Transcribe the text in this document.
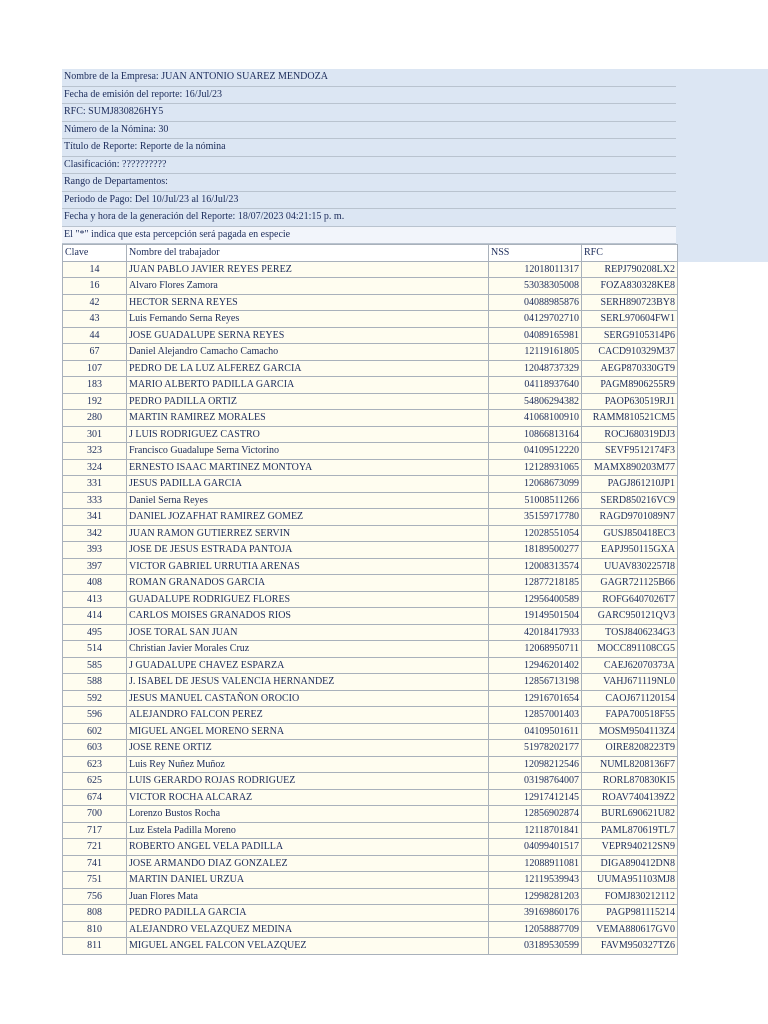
Nombre de la Empresa: JUAN ANTONIO SUAREZ MENDOZA
Fecha de emisión del reporte: 16/Jul/23
RFC: SUMJ830826HY5
Número de la Nómina: 30
Título de Reporte: Reporte de la nómina
Clasificación: ??????????
Rango de Departamentos:
Periodo de Pago: Del 10/Jul/23 al 16/Jul/23
Fecha y hora de la generación del Reporte: 18/07/2023 04:21:15 p. m.
El "*" indica que esta percepción será pagada en especie
Clave	Nombre del trabajador	NSS	RFC
14	JUAN PABLO JAVIER REYES PEREZ	12018011317	REPJ790208LX2
16	Alvaro Flores Zamora	53038305008	FOZA830328KE8
42	HECTOR SERNA REYES	04088985876	SERH890723BY8
43	Luis Fernando Serna Reyes	04129702710	SERL970604FW1
44	JOSE GUADALUPE SERNA REYES	04089165981	SERG9105314P6
67	Daniel Alejandro Camacho Camacho	12119161805	CACD910329M37
107	PEDRO DE LA LUZ ALFEREZ GARCIA	12048737329	AEGP870330GT9
183	MARIO ALBERTO PADILLA GARCIA	04118937640	PAGM8906255R9
192	PEDRO PADILLA ORTIZ	54806294382	PAOP630519RJ1
280	MARTIN RAMIREZ MORALES	41068100910	RAMM810521CM5
301	J LUIS RODRIGUEZ CASTRO	10866813164	ROCJ680319DJ3
323	Francisco Guadalupe Serna Victorino	04109512220	SEVF9512174F3
324	ERNESTO ISAAC MARTINEZ MONTOYA	12128931065	MAMX890203M77
331	JESUS PADILLA GARCIA	12068673099	PAGJ861210JP1
333	Daniel Serna Reyes	51008511266	SERD850216VC9
341	DANIEL JOZAFHAT RAMIREZ GOMEZ	35159717780	RAGD9701089N7
342	JUAN RAMON GUTIERREZ SERVIN	12028551054	GUSJ850418EC3
393	JOSE DE JESUS ESTRADA PANTOJA	18189500277	EAPJ950115GXA
397	VICTOR GABRIEL URRUTIA ARENAS	12008313574	UUAV8302257I8
408	ROMAN GRANADOS GARCIA	12877218185	GAGR721125B66
413	GUADALUPE RODRIGUEZ FLORES	12956400589	ROFG6407026T7
414	CARLOS MOISES GRANADOS RIOS	19149501504	GARC950121QV3
495	JOSE TORAL SAN JUAN	42018417933	TOSJ8406234G3
514	Christian Javier Morales Cruz	12068950711	MOCC891108CG5
585	J GUADALUPE CHAVEZ ESPARZA	12946201402	CAEJ62070373A
588	J. ISABEL DE JESUS VALENCIA HERNANDEZ	12856713198	VAHJ671119NL0
592	JESUS MANUEL CASTAÑON OROCIO	12916701654	CAOJ671120154
596	ALEJANDRO FALCON PEREZ	12857001403	FAPA700518F55
602	MIGUEL ANGEL MORENO SERNA	04109501611	MOSM9504113Z4
603	JOSE RENE ORTIZ	51978202177	OIRE8208223T9
623	Luis Rey Nuñez Muñoz	12098212546	NUML8208136F7
625	LUIS GERARDO ROJAS RODRIGUEZ	03198764007	RORL870830KI5
674	VICTOR ROCHA ALCARAZ	12917412145	ROAV7404139Z2
700	Lorenzo Bustos Rocha	12856902874	BURL690621U82
717	Luz Estela Padilla Moreno	12118701841	PAML870619TL7
721	ROBERTO ANGEL VELA PADILLA	04099401517	VEPR940212SN9
741	JOSE ARMANDO DIAZ GONZALEZ	12088911081	DIGA890412DN8
751	MARTIN DANIEL URZUA	12119539943	UUMA951103MJ8
756	Juan Flores Mata	12998281203	FOMJ830212112
808	PEDRO PADILLA GARCIA	39169860176	PAGP981115214
810	ALEJANDRO VELAZQUEZ MEDINA	12058887709	VEMA880617GV0
811	MIGUEL ANGEL FALCON VELAZQUEZ	03189530599	FAVM950327TZ6
